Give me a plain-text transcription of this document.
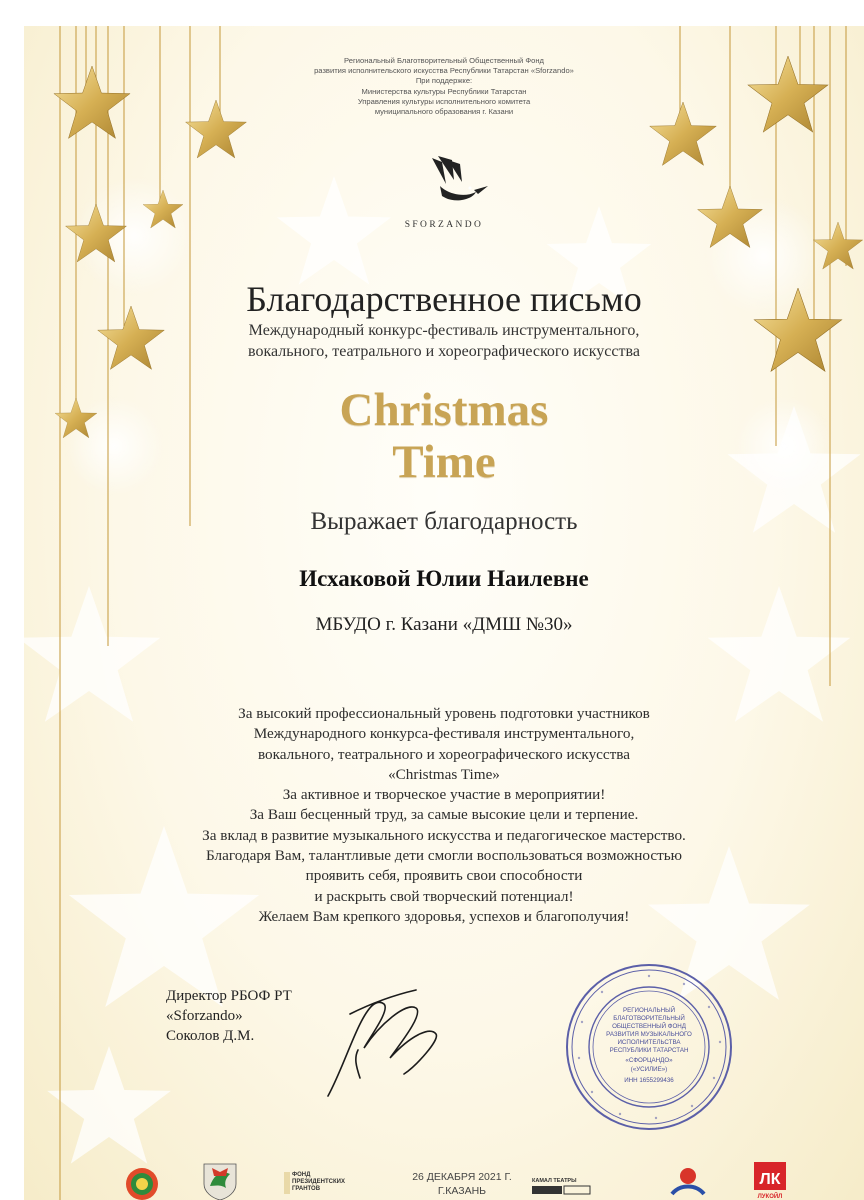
Региональный Благотворительный Общественный Фонд
развития исполнительского искусства Республики Татарстан «Sforzando»
При поддержке:
Министерства культуры Республики Татарстан
Управления культуры исполнительного комитета
муниципального образования г. Казани
SFORZANDO
Благодарственное письмо
Международный конкурс-фестиваль инструментального,
вокального, театрального и хореографического искусства
Christmas
Time
Выражает благодарность
Исхаковой Юлии Наилевне
МБУДО г. Казани «ДМШ №30»
За высокий профессиональный уровень подготовки участников
Международного конкурса-фестиваля инструментального,
вокального, театрального и хореографического искусства
«Christmas Time»
За активное и творческое участие в мероприятии!
За Ваш бесценный труд, за самые высокие цели и терпение.
За вклад в развитие музыкального искусства и педагогическое мастерство.
Благодаря Вам, талантливые дети смогли воспользоваться возможностью
проявить себя, проявить свои способности
и раскрыть свой творческий потенциал!
Желаем Вам крепкого здоровья, успехов и благополучия!
Директор РБОФ РТ
«Sforzando»
Соколов Д.М.
РЕГИОНАЛЬНЫЙ
БЛАГОТВОРИТЕЛЬНЫЙ
ОБЩЕСТВЕННЫЙ ФОНД
РАЗВИТИЯ МУЗЫКАЛЬНОГО
ИСПОЛНИТЕЛЬСТВА
РЕСПУБЛИКИ ТАТАРСТАН
«СФОРЦАНДО»
(«УСИЛИЕ»)
ИНН 1655299436
ФОНД
ПРЕЗИДЕНТСКИХ
ГРАНТОВ
26 ДЕКАБРЯ 2021 Г.
Г.КАЗАНЬ
КАМАЛ ТЕАТРЫ	ЛК
ЛУКОЙЛ
